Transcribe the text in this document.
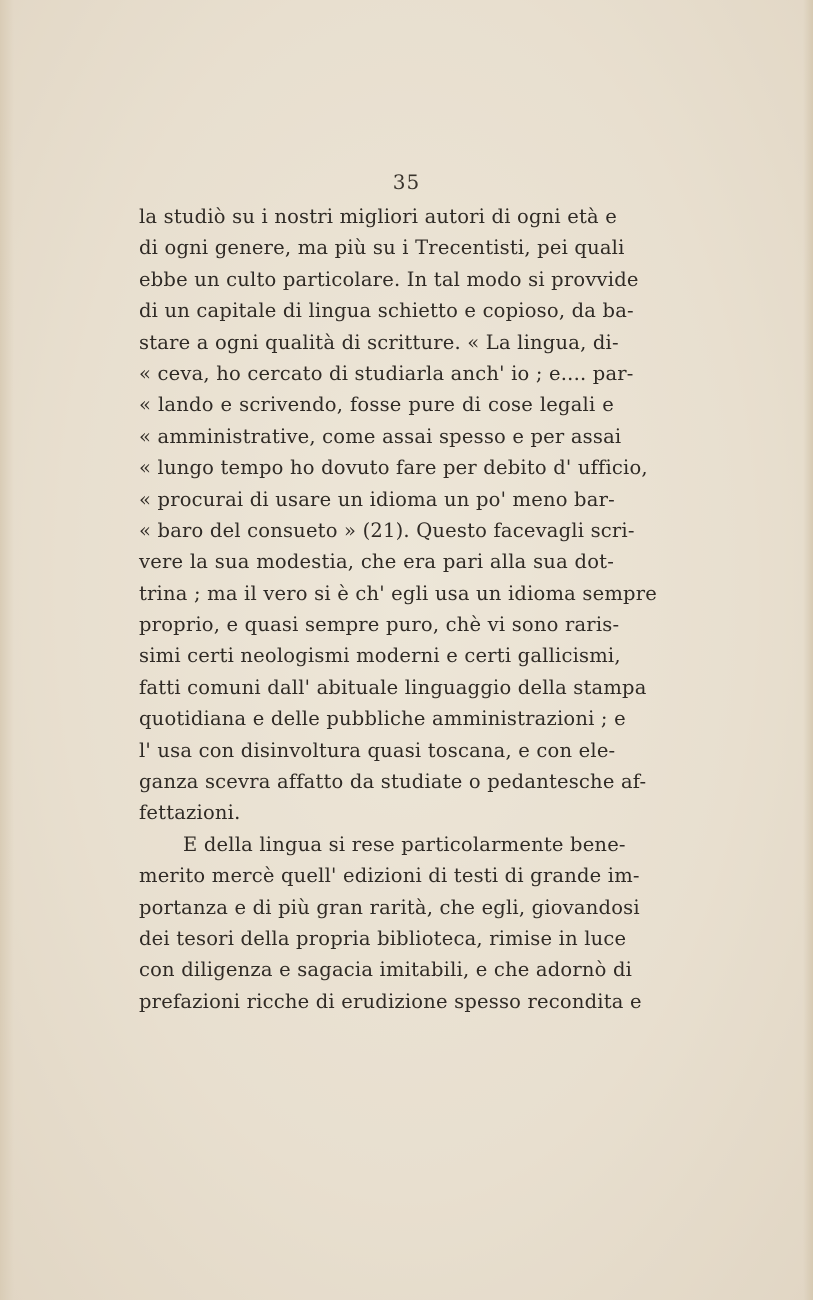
35
la studiò su i nostri migliori autori di ogni età e
di ogni genere, ma più su i Trecentisti, pei quali
ebbe un culto particolare. In tal modo si provvide
di un capitale di lingua schietto e copioso, da ba-
stare a ogni qualità di scritture. « La lingua, di-
« ceva, ho cercato di studiarla anch' io ; e.... par-
« lando e scrivendo, fosse pure di cose legali e
« amministrative, come assai spesso e per assai
« lungo tempo ho dovuto fare per debito d' ufficio,
« procurai di usare un idioma un po' meno bar-
« baro del consueto » (21). Questo facevagli scri-
vere la sua modestia, che era pari alla sua dot-
trina ; ma il vero si è ch' egli usa un idioma sempre
proprio, e quasi sempre puro, chè vi sono raris-
simi certi neologismi moderni e certi gallicismi,
fatti comuni dall' abituale linguaggio della stampa
quotidiana e delle pubbliche amministrazioni ; e
l' usa con disinvoltura quasi toscana, e con ele-
ganza scevra affatto da studiate o pedantesche af-
fettazioni.
E della lingua si rese particolarmente bene-
merito mercè quell' edizioni di testi di grande im-
portanza e di più gran rarità, che egli, giovandosi
dei tesori della propria biblioteca, rimise in luce
con diligenza e sagacia imitabili, e che adornò di
prefazioni ricche di erudizione spesso recondita e
